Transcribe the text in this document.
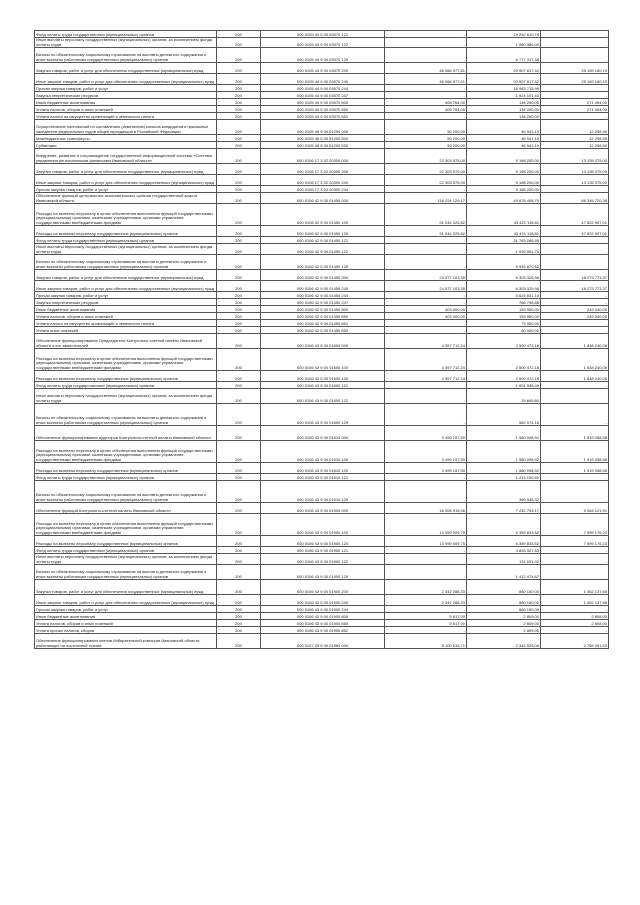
Фонд оплаты труда государственных (муниципальных) органов	200	000 0105 44 9 00 03570 121	-	24 252 810,78	-
Иные выплаты персоналу государственных (муниципальных) органов, за исключением фонда оплаты труда	200	000 0105 44 9 00 03570 122	-	1 060 389,00	-
Взносы по обязательному социальному страхованию на выплаты денежного содержания и иные выплаты работникам государственных (муниципальных) органов	200	000 0105 44 9 00 03570 129	-	6 777 417,48	-
Закупка товаров, работ и услуг для обеспечения государственных (муниципальных) нужд	200	000 0105 44 9 00 03570 200	46 066 977,61	20 907 817,42	25 159 160,19
Иные закупки товаров, работ и услуг для обеспечения государственных (муниципальных) нужд	200	000 0105 44 9 00 03570 240	46 066 977,61	20 907 817,42	25 159 160,19
Прочая закупка товаров, работ и услуг	200	000 0105 44 9 00 03570 244	-	18 983 715,99	-
Закупка энергетических ресурсов	200	000 0105 44 9 00 03570 247	-	1 924 101,43	-
Иные бюджетные ассигнования	200	000 0105 44 9 00 03570 800	405 764,00	134 290,00	271 494,00
Уплата налогов, сборов и иных платежей	200	000 0105 44 9 00 03570 850	405 764,00	134 290,00	271 494,00
Уплата налога на имущество организаций и земельного налога	200	000 0105 44 9 00 03570 851	-	134 290,00	-
Осуществление полномочий по составлению (изменению) списков кандидатов в присяжные заседатели федеральных судов общей юрисдикции в Российской Федерации	200	000 0105 48 9 00 51200 000	59 200,00	46 941,10	12 258,90
Межбюджетные трансферты	200	000 0105 48 9 00 51200 500	59 200,00	46 941,10	12 258,90
Субвенции	200	000 0105 48 9 00 51200 530	59 200,00	46 941,10	12 258,90
Внедрение, развитие и сопровождение государственной информационной системы «Система управления региональными финансами Ивановской области»	200	000 0106 17 3 02 20300 000	22 303 575,00	9 168 200,00	13 135 375,00
Закупка товаров, работ и услуг для обеспечения государственных (муниципальных) нужд	200	000 0106 17 3 02 20300 200	22 303 575,00	9 168 200,00	13 135 375,00
Иные закупки товаров, работ и услуг для обеспечения государственных (муниципальных) нужд	200	000 0106 17 3 02 20300 240	22 303 575,00	9 168 200,00	13 135 375,00
Прочая закупка товаров, работ и услуг	200	000 0106 17 3 02 20300 244	-	9 168 200,00	-
Обеспечение функций центральных исполнительных органов государственной власти Ивановской области	200	000 0106 42 9 00 01450 000	116 224 129,17	49 878 408,79	66 345 720,38
Расходы на выплаты персоналу в целях обеспечения выполнения функций государственными (муниципальными) органами, казенными учреждениями, органами управления государственными внебюджетными фондами	200	000 0106 42 9 00 01450 100	91 244 025,82	43 421 118,81	47 822 907,01
Расходы на выплаты персоналу государственных (муниципальных) органов	200	000 0106 42 9 00 01450 120	91 244 025,82	43 421 118,81	47 822 907,01
Фонд оплаты труда государственных (муниципальных) органов	200	000 0106 42 9 00 01450 121	-	31 783 286,48	-
Иные выплаты персоналу государственных (муниципальных) органов, за исключением фонда оплаты труда	200	000 0106 42 9 00 01450 122	-	1 692 961,70	-
Взносы по обязательному социальному страхованию на выплаты денежного содержания и иные выплаты работникам государственных (муниципальных) органов	200	000 0106 42 9 00 01450 129	-	9 945 870,63	-
Закупка товаров, работ и услуг для обеспечения государственных (муниципальных) нужд	200	000 0106 42 9 00 01450 200	24 577 103,35	6 303 329,98	18 273 773,37
Иные закупки товаров, работ и услуг для обеспечения государственных (муниципальных) нужд	200	000 0106 42 9 00 01450 240	24 577 103,35	6 303 329,98	18 273 773,37
Прочая закупка товаров, работ и услуг	200	000 0106 42 9 00 01450 244	-	5 624 531,10	-
Закупка энергетических ресурсов	200	000 0106 42 9 00 01450 247	-	766 798,88	-
Иные бюджетные ассигнования	200	000 0106 42 9 00 01450 800	403 000,00	153 960,00	249 040,00
Уплата налогов, сборов и иных платежей	200	000 0106 42 9 00 01450 850	403 000,00	153 960,00	249 040,00
Уплата налога на имущество организаций и земельного налога	200	000 0106 42 9 00 01450 851	-	73 960,00	-
Уплата иных платежей	200	000 0106 42 9 00 01450 853	-	80 000,00	-
Обеспечение функционирования Председателя Контрольно-счетной палаты Ивановской области и его заместителей	200	000 0106 43 9 00 01600 000	4 357 712,24	2 509 472,18	1 848 240,06
Расходы на выплаты персоналу в целях обеспечения выполнения функций государственными (муниципальными) органами, казенными учреждениями, органами управления государственными внебюджетными фондами	200	000 0106 43 9 00 01600 100	4 357 712,24	2 509 472,18	1 848 240,06
Расходы на выплаты персоналу государственных (муниципальных) органов	200	000 0106 43 9 00 01600 120	4 357 712,24	2 509 472,18	1 848 240,06
Фонд оплаты труда государственных (муниципальных) органов	200	000 0106 43 9 00 01600 121	-	1 601 548,40	-
Иные выплаты персоналу государственных (муниципальных) органов, за исключением фонда оплаты труда	200	000 0106 43 9 00 01600 122	-	15 849,60	-
Взносы по обязательному социальному страхованию на выплаты денежного содержания и иные выплаты работникам государственных (муниципальных) органов	200	000 0106 43 9 00 01600 129	-	582 074,18	-
Обеспечение функционирования аудиторов Контрольно-счетной палаты Ивановской области	200	000 0106 43 9 00 01610 000	3 499 157,50	1 580 098,92	1 919 058,58
Расходы на выплаты персоналу в целях обеспечения выполнения функций государственными (муниципальными) органами, казенными учреждениями, органами управления государственными внебюджетными фондами	200	000 0106 43 9 00 01610 100	3 499 157,50	1 580 098,92	1 919 058,58
Расходы на выплаты персоналу государственных (муниципальных) органов	200	000 0106 43 9 00 01610 120	3 499 157,50	1 580 098,92	1 919 058,58
Фонд оплаты труда государственных (муниципальных) органов	200	000 0106 43 9 00 01610 121	-	1 213 150,60	-
Взносы по обязательному социальному страхованию на выплаты денежного содержания и иные выплаты работникам государственных (муниципальных) органов	200	000 0106 43 9 00 01610 129	-	366 948,32	-
Обеспечение функций Контрольно-счетной палаты Ивановской области	200	000 0106 43 9 00 01900 000	16 306 915,06	7 242 793,17	9 064 121,91
Расходы на выплаты персоналу в целях обеспечения выполнения функций государственными (муниципальными) органами, казенными учреждениями, органами управления государственными внебюджетными фондами	200	000 0106 43 9 00 01900 100	13 959 009,75	6 359 833,52	7 599 176,23
Расходы на выплаты персоналу государственных (муниципальных) органов	200	000 0106 43 9 00 01900 120	13 959 009,75	6 359 833,52	7 599 176,23
Фонд оплаты труда государственных (муниципальных) органов	200	000 0106 43 9 00 01900 121	-	4 833 327,83	-
Иные выплаты персоналу государственных (муниципальных) органов, за исключением фонда оплаты труда	200	000 0106 43 9 00 01900 122	-	114 031,02	-
Взносы по обязательному социальному страхованию на выплаты денежного содержания и иные выплаты работникам государственных (муниципальных) органов	200	000 0106 43 9 00 01900 129	-	1 412 474,67	-
Закупка товаров, работ и услуг для обеспечения государственных (муниципальных) нужд	200	000 0106 43 9 00 01900 200	2 342 288,33	880 150,00	1 462 137,68
Иные закупки товаров, работ и услуг для обеспечения государственных (муниципальных) нужд	200	000 0106 43 9 00 01900 240	2 342 288,33	880 150,00	1 462 137,68
Прочая закупка товаров, работ и услуг	200	000 0106 43 9 00 01900 244	-	880 150,00	-
Иные бюджетные ассигнования	200	000 0106 43 9 00 01900 800	5 617,00	2 809,00	2 808,00
Уплата налогов, сборов и иных платежей	200	000 0106 43 9 00 01900 850	5 617,00	2 809,00	2 808,00
Уплата прочих налогов, сборов	200	000 0106 43 9 00 01900 852	-	2 809,00	-
Обеспечение функционирования членов Избирательной комиссии Ивановской области, работающих на постоянной основе	200	000 0107 43 9 00 01960 000	5 109 616,71	2 344 525,08	2 765 091,63
